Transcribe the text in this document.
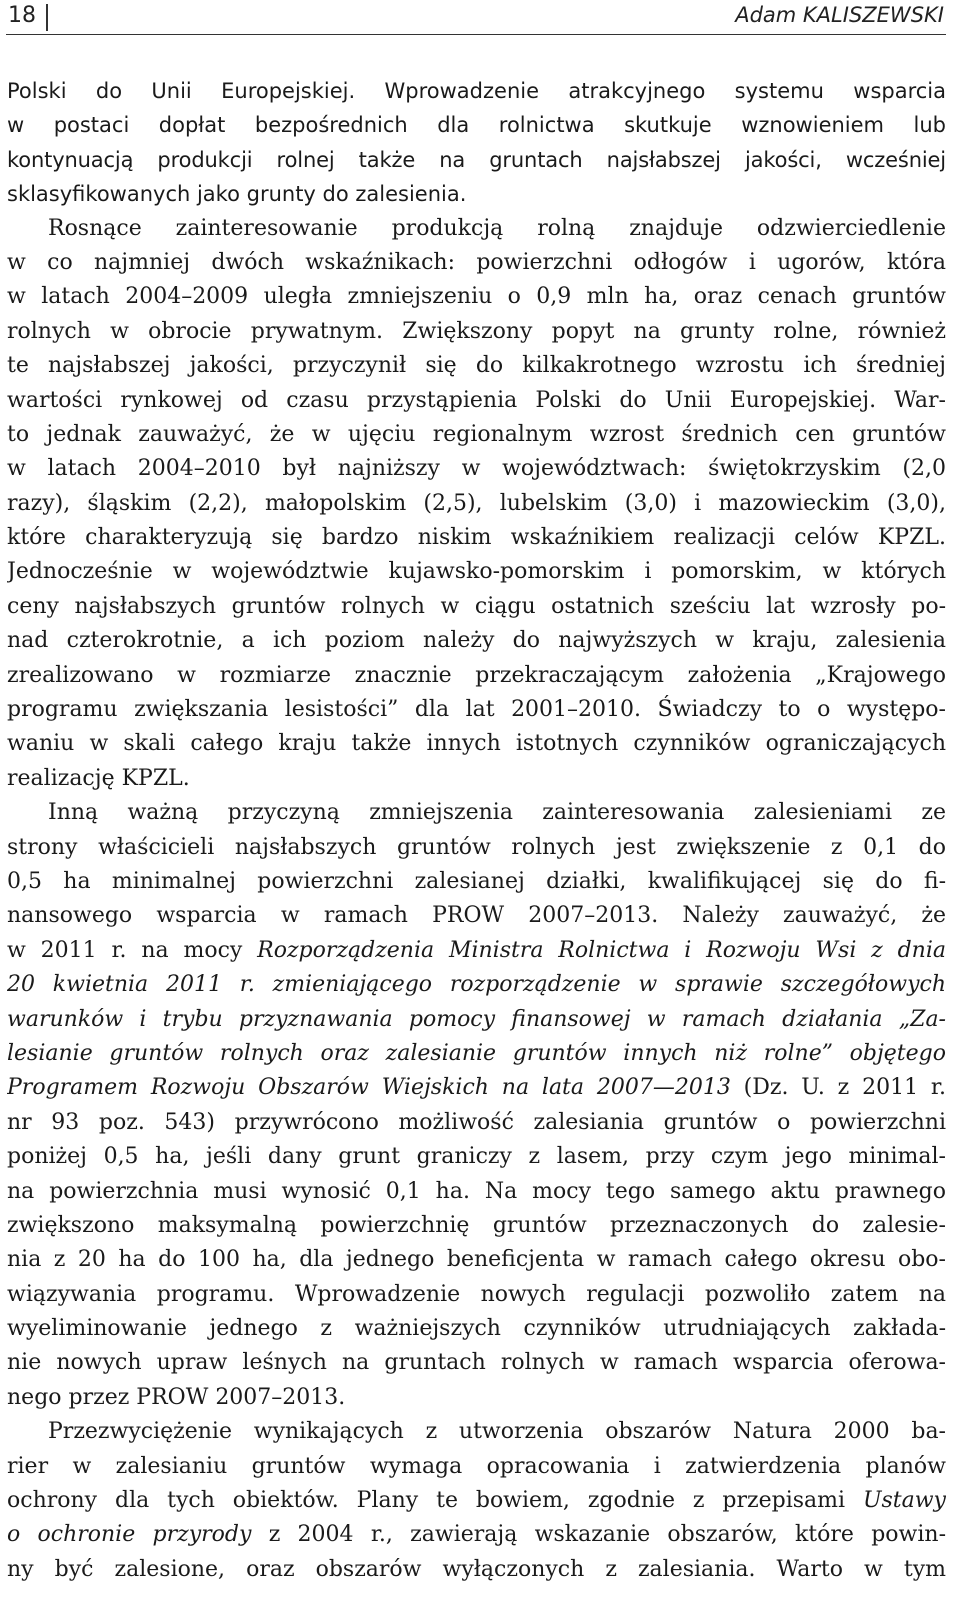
18	Adam KALISZEWSKI
Polski do Unii Europejskiej. Wprowadzenie atrakcyjnego systemu wsparcia
w postaci dopłat bezpośrednich dla rolnictwa skutkuje wznowieniem lub
kontynuacją produkcji rolnej także na gruntach najsłabszej jakości, wcześniej
sklasyfikowanych jako grunty do zalesienia.
Rosnące zainteresowanie produkcją rolną znajduje odzwierciedlenie
w co najmniej dwóch wskaźnikach: powierzchni odłogów i ugorów, która
w latach 2004–2009 uległa zmniejszeniu o 0,9 mln ha, oraz cenach gruntów
rolnych w obrocie prywatnym. Zwiększony popyt na grunty rolne, również
te najsłabszej jakości, przyczynił się do kilkakrotnego wzrostu ich średniej
wartości rynkowej od czasu przystąpienia Polski do Unii Europejskiej. War-
to jednak zauważyć, że w ujęciu regionalnym wzrost średnich cen gruntów
w latach 2004–2010 był najniższy w województwach: świętokrzyskim (2,0
razy), śląskim (2,2), małopolskim (2,5), lubelskim (3,0) i mazowieckim (3,0),
które charakteryzują się bardzo niskim wskaźnikiem realizacji celów KPZL.
Jednocześnie w województwie kujawsko-pomorskim i pomorskim, w których
ceny najsłabszych gruntów rolnych w ciągu ostatnich sześciu lat wzrosły po-
nad czterokrotnie, a ich poziom należy do najwyższych w kraju, zalesienia
zrealizowano w rozmiarze znacznie przekraczającym założenia „Krajowego
programu zwiększania lesistości” dla lat 2001–2010. Świadczy to o występo-
waniu w skali całego kraju także innych istotnych czynników ograniczających
realizację KPZL.
Inną ważną przyczyną zmniejszenia zainteresowania zalesieniami ze
strony właścicieli najsłabszych gruntów rolnych jest zwiększenie z 0,1 do
0,5 ha minimalnej powierzchni zalesianej działki, kwalifikującej się do fi-
nansowego wsparcia w ramach PROW 2007–2013. Należy zauważyć, że
w 2011 r. na mocy Rozporządzenia Ministra Rolnictwa i Rozwoju Wsi z dnia
20 kwietnia 2011 r. zmieniającego rozporządzenie w sprawie szczegółowych
warunków i trybu przyznawania pomocy finansowej w ramach działania „Za-
lesianie gruntów rolnych oraz zalesianie gruntów innych niż rolne” objętego
Programem Rozwoju Obszarów Wiejskich na lata 2007—2013 (Dz. U. z 2011 r.
nr 93 poz. 543) przywrócono możliwość zalesiania gruntów o powierzchni
poniżej 0,5 ha, jeśli dany grunt graniczy z lasem, przy czym jego minimal-
na powierzchnia musi wynosić 0,1 ha. Na mocy tego samego aktu prawnego
zwiększono maksymalną powierzchnię gruntów przeznaczonych do zalesie-
nia z 20 ha do 100 ha, dla jednego beneficjenta w ramach całego okresu obo-
wiązywania programu. Wprowadzenie nowych regulacji pozwoliło zatem na
wyeliminowanie jednego z ważniejszych czynników utrudniających zakłada-
nie nowych upraw leśnych na gruntach rolnych w ramach wsparcia oferowa-
nego przez PROW 2007–2013.
Przezwyciężenie wynikających z utworzenia obszarów Natura 2000 ba-
rier w zalesianiu gruntów wymaga opracowania i zatwierdzenia planów
ochrony dla tych obiektów. Plany te bowiem, zgodnie z przepisami Ustawy
o ochronie przyrody z 2004 r., zawierają wskazanie obszarów, które powin-
ny być zalesione, oraz obszarów wyłączonych z zalesiania. Warto w tym
